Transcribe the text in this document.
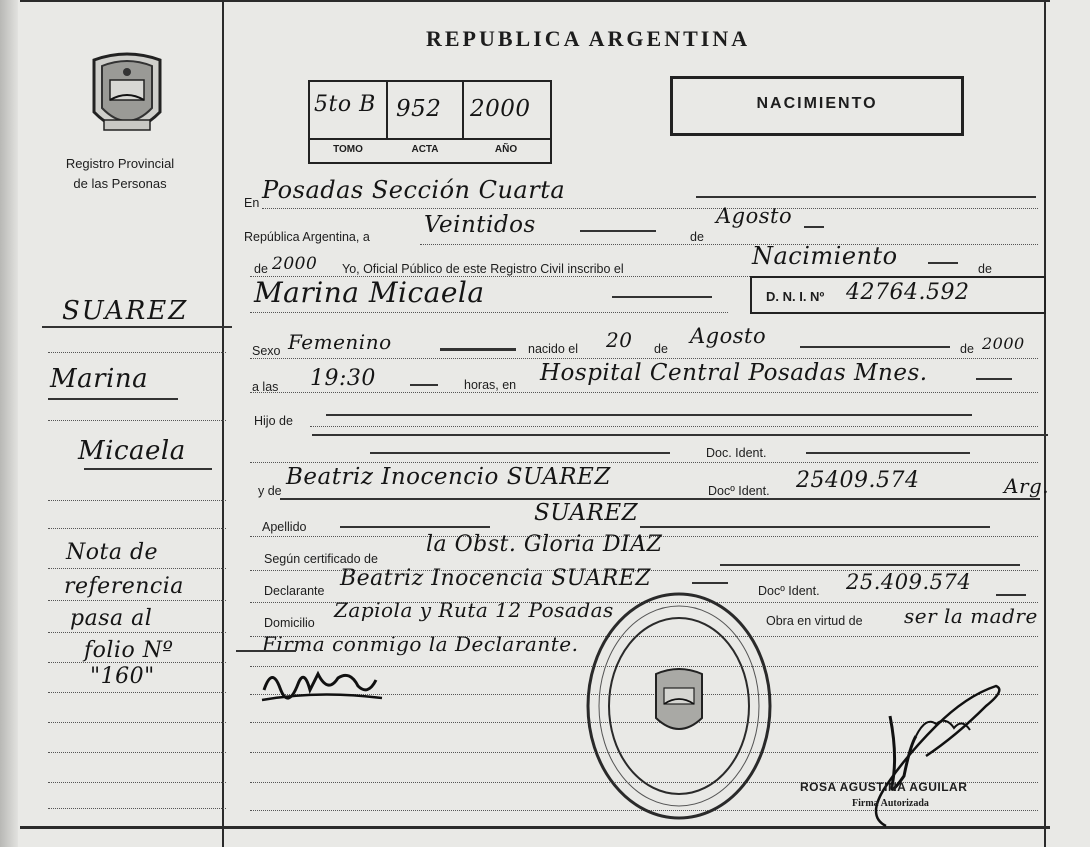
Registro Provincial
de las Personas
SUAREZ
Marina
Micaela
Nota de
referencia
pasa al
folio Nº
"160"
REPUBLICA ARGENTINA
5to B 952 2000
TOMO	ACTA	AÑO
NACIMIENTO
En Posadas Sección Cuarta
República Argentina, a Veintidos	de
Agosto
de 2000 Yo, Oficial Público de este Registro Civil inscribo el	Nacimiento	de
Marina Micaela	D. N. I. Nº 42764.592
Sexo Femenino	nacido el 20 de
Agosto
de 2000
a las 19:30	horas, en Hospital Central Posadas Mnes.
Hijo de
Doc. Ident.
y de
Beatriz Inocencio SUAREZ
Docº Ident. 25409.574	Arg.
Apellido
SUAREZ
Según certificado de
la Obst. Gloria DIAZ
Declarante Beatriz Inocencia SUAREZ	Docº Ident. 25.409.574
Domicilio
Zapiola y Ruta 12 Posadas	Obra en virtud de ser la madre
Firma conmigo la Declarante.
ROSA AGUSTINA AGUILAR
Firma Autorizada
